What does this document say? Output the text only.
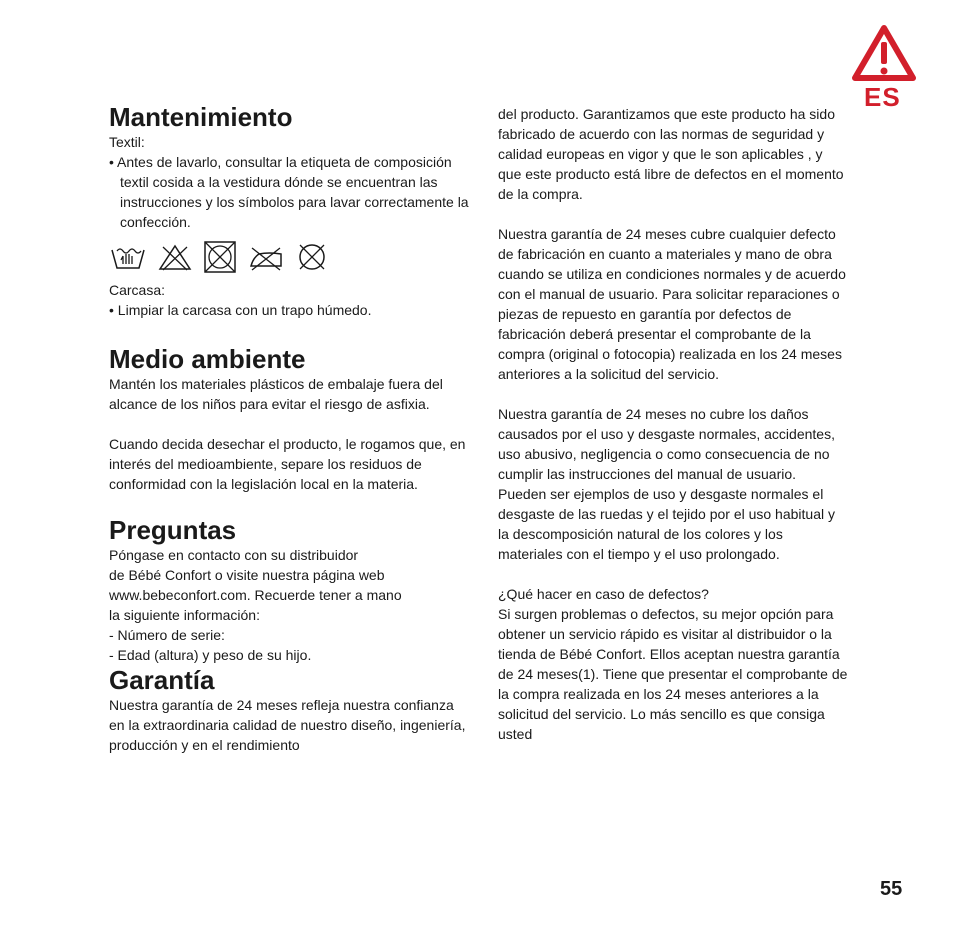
ES
Mantenimiento

Textil:

• Antes de lavarlo, consultar la etiqueta de composición textil cosida a la vestidura dónde se encuentran las instrucciones y los símbolos para lavar correctamente la confección.

Carcasa:

• Limpiar la carcasa con un trapo húmedo.

Medio ambiente

Mantén los materiales plásticos de embalaje fuera del alcance de los niños para evitar el riesgo de asfixia.

Cuando decida desechar el producto, le rogamos que, en interés del medioambiente, separe los residuos de conformidad con la legislación local en la materia.

Preguntas

Póngase en contacto con su distribuidor

de Bébé Confort o visite nuestra página web

www.bebeconfort.com. Recuerde tener a mano

la siguiente información:

- Número de serie:

- Edad (altura) y peso de su hijo.

Garantía

Nuestra garantía de 24 meses refleja nuestra confianza en la extraordinaria calidad de nuestro diseño, ingeniería, producción y en el rendimiento

del producto. Garantizamos que este producto ha sido fabricado de acuerdo con las normas de seguridad y calidad europeas en vigor y que le son aplicables , y que este producto está libre de defectos en el momento de la compra.

Nuestra garantía de 24 meses cubre cualquier defecto de fabricación en cuanto a materiales y mano de obra cuando se utiliza en condiciones normales y de acuerdo con el manual de usuario. Para solicitar reparaciones o piezas de repuesto en garantía por defectos de fabricación deberá presentar el comprobante de la compra (original o fotocopia) realizada en los 24 meses anteriores a la solicitud del servicio.

Nuestra garantía de 24 meses no cubre los daños causados por el uso y desgaste normales, accidentes, uso abusivo, negligencia o como consecuencia de no cumplir las instrucciones del manual de usuario. Pueden ser ejemplos de uso y desgaste normales el desgaste de las ruedas y el tejido por el uso habitual y la descomposición natural de los colores y los materiales con el tiempo y el uso prolongado.

¿Qué hacer en caso de defectos?

Si surgen problemas o defectos, su mejor opción para obtener un servicio rápido es visitar al distribuidor o la tienda de Bébé Confort. Ellos aceptan nuestra garantía de 24 meses(1). Tiene que presentar el comprobante de la compra realizada en los 24 meses anteriores a la solicitud del servicio. Lo más sencillo es que consiga usted

55
